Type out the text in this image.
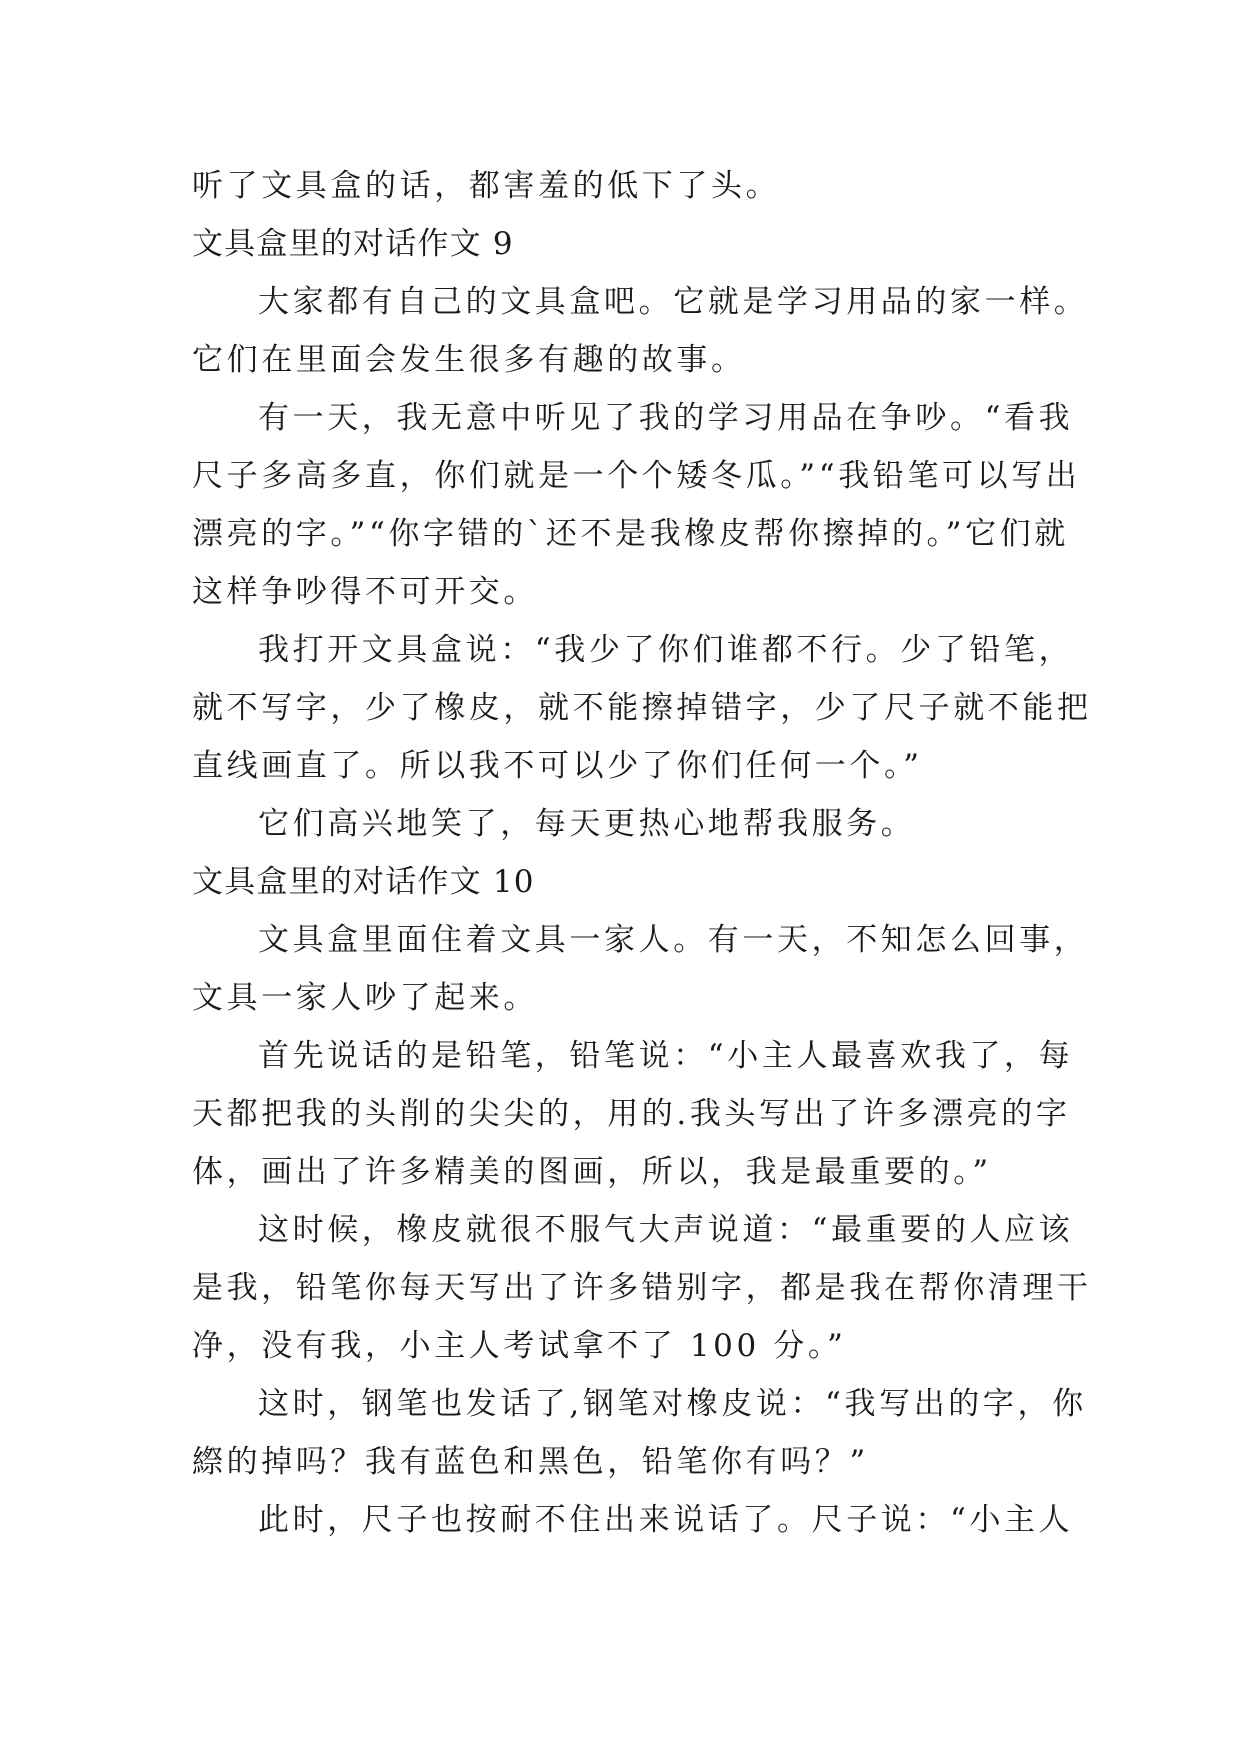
听了文具盒的话，都害羞的低下了头。
文具盒里的对话作文 9
大家都有自己的文具盒吧。它就是学习用品的家一样。
它们在里面会发生很多有趣的故事。
有一天，我无意中听见了我的学习用品在争吵。“看我
尺子多高多直，你们就是一个个矮冬瓜。”“我铅笔可以写出
漂亮的字。”“你字错的`还不是我橡皮帮你擦掉的。”它们就
这样争吵得不可开交。
我打开文具盒说：“我少了你们谁都不行。少了铅笔，
就不写字，少了橡皮，就不能擦掉错字，少了尺子就不能把
直线画直了。所以我不可以少了你们任何一个。”
它们高兴地笑了，每天更热心地帮我服务。
文具盒里的对话作文 10
文具盒里面住着文具一家人。有一天，不知怎么回事，
文具一家人吵了起来。
首先说话的是铅笔，铅笔说：“小主人最喜欢我了，每
天都把我的头削的尖尖的，用的.我头写出了许多漂亮的字
体，画出了许多精美的图画，所以，我是最重要的。”
这时候，橡皮就很不服气大声说道：“最重要的人应该
是我，铅笔你每天写出了许多错别字，都是我在帮你清理干
净，没有我，小主人考试拿不了 100 分。”
这时，钢笔也发话了,钢笔对橡皮说：“我写出的字，你
縩的掉吗？我有蓝色和黑色，铅笔你有吗？”
此时，尺子也按耐不住出来说话了。尺子说：“小主人
